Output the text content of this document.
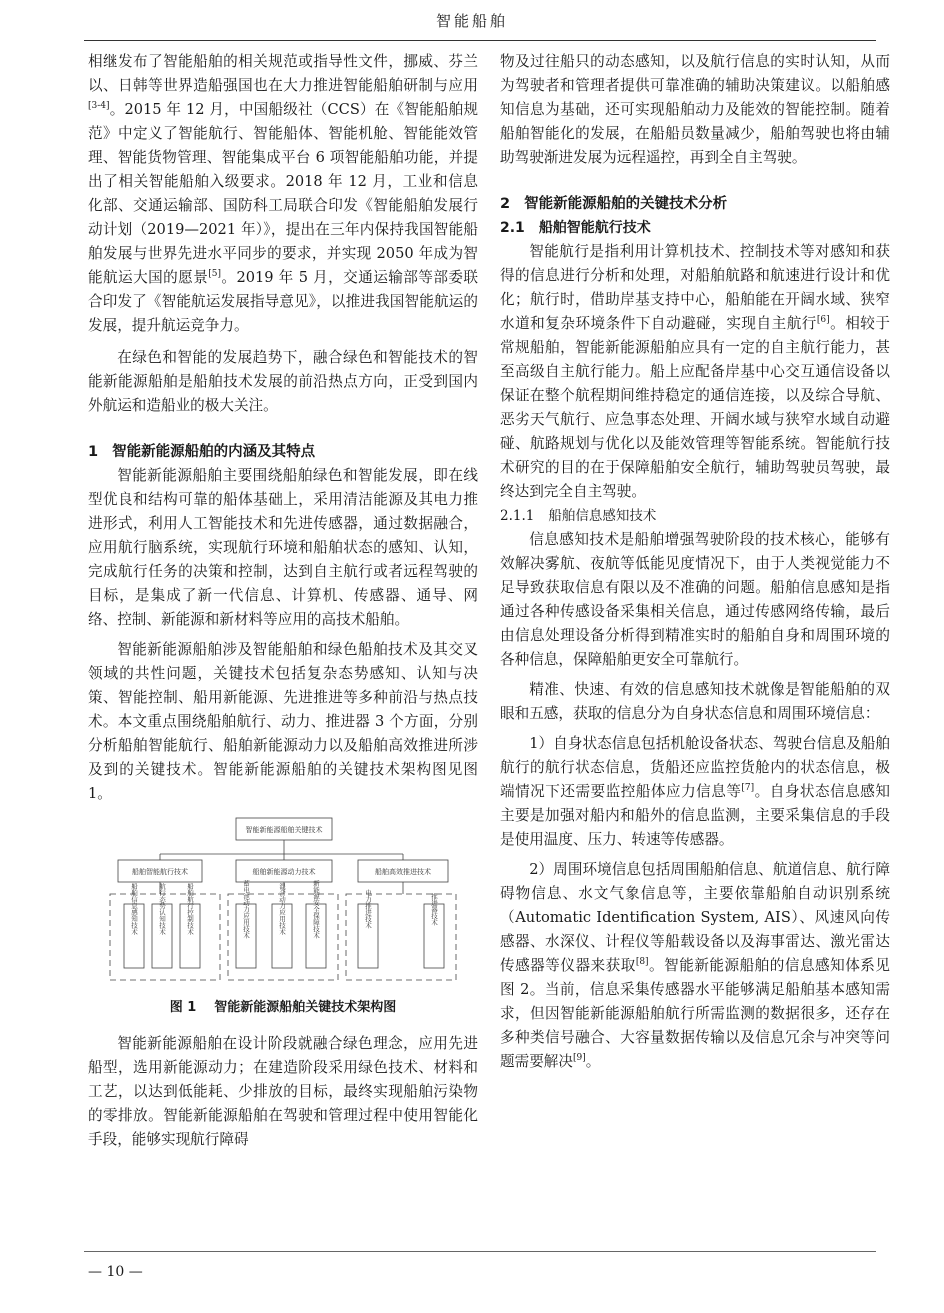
智能船舶

相继发布了智能船舶的相关规范或指导性文件，挪威、芬兰以、日韩等世界造船强国也在大力推进智能船舶研制与应用[3-4]。2015 年 12 月，中国船级社（CCS）在《智能船舶规范》中定义了智能航行、智能船体、智能机舱、智能能效管理、智能货物管理、智能集成平台 6 项智能船舶功能，并提出了相关智能船舶入级要求。2018 年 12 月，工业和信息化部、交通运输部、国防科工局联合印发《智能船舶发展行动计划（2019—2021 年）》，提出在三年内保持我国智能船舶发展与世界先进水平同步的要求，并实现 2050 年成为智能航运大国的愿景[5]。2019 年 5 月，交通运输部等部委联合印发了《智能航运发展指导意见》，以推进我国智能航运的发展，提升航运竞争力。

在绿色和智能的发展趋势下，融合绿色和智能技术的智能新能源船舶是船舶技术发展的前沿热点方向，正受到国内外航运和造船业的极大关注。

1 智能新能源船舶的内涵及其特点

智能新能源船舶主要围绕船舶绿色和智能发展，即在线型优良和结构可靠的船体基础上，采用清洁能源及其电力推进形式，利用人工智能技术和先进传感器，通过数据融合，应用航行脑系统，实现航行环境和船舶状态的感知、认知，完成航行任务的决策和控制，达到自主航行或者远程驾驶的目标，是集成了新一代信息、计算机、传感器、通导、网络、控制、新能源和新材料等应用的高技术船舶。

智能新能源船舶涉及智能船舶和绿色船舶技术及其交叉领域的共性问题，关键技术包括复杂态势感知、认知与决策、智能控制、船用新能源、先进推进等多种前沿与热点技术。本文重点围绕船舶航行、动力、推进器 3 个方面，分别分析船舶智能航行、船舶新能源动力以及船舶高效推进所涉及到的关键技术。智能新能源船舶的关键技术架构图见图 1。

智能新能源船舶关键技术
船舶智能航行技术	船舶新能源动力技术	船舶高效推进技术
船舶信息感知技术	航行态势认知技术	船舶航行控制技术	蓄电池动力应用技术	混合动力应用技术	新能源安全保障技术	电力推进技术	推进器技术
图 1 智能新能源船舶关键技术架构图

智能新能源船舶在设计阶段就融合绿色理念，应用先进船型，选用新能源动力；在建造阶段采用绿色技术、材料和工艺，以达到低能耗、少排放的目标，最终实现船舶污染物的零排放。智能新能源船舶在驾驶和管理过程中使用智能化手段，能够实现航行障碍

物及过往船只的动态感知，以及航行信息的实时认知，从而为驾驶者和管理者提供可靠准确的辅助决策建议。以船舶感知信息为基础，还可实现船舶动力及能效的智能控制。随着船舶智能化的发展，在船船员数量减少，船舶驾驶也将由辅助驾驶渐进发展为远程遥控，再到全自主驾驶。

2 智能新能源船舶的关键技术分析
2.1 船舶智能航行技术

智能航行是指利用计算机技术、控制技术等对感知和获得的信息进行分析和处理，对船舶航路和航速进行设计和优化；航行时，借助岸基支持中心，船舶能在开阔水域、狭窄水道和复杂环境条件下自动避碰，实现自主航行[6]。相较于常规船舶，智能新能源船舶应具有一定的自主航行能力，甚至高级自主航行能力。船上应配备岸基中心交互通信设备以保证在整个航程期间维持稳定的通信连接，以及综合导航、恶劣天气航行、应急事态处理、开阔水域与狭窄水域自动避碰、航路规划与优化以及能效管理等智能系统。智能航行技术研究的目的在于保障船舶安全航行，辅助驾驶员驾驶，最终达到完全自主驾驶。

2.1.1 船舶信息感知技术

信息感知技术是船舶增强驾驶阶段的技术核心，能够有效解决雾航、夜航等低能见度情况下，由于人类视觉能力不足导致获取信息有限以及不准确的问题。船舶信息感知是指通过各种传感设备采集相关信息，通过传感网络传输，最后由信息处理设备分析得到精准实时的船舶自身和周围环境的各种信息，保障船舶更安全可靠航行。

精准、快速、有效的信息感知技术就像是智能船舶的双眼和五感，获取的信息分为自身状态信息和周围环境信息：

1）自身状态信息包括机舱设备状态、驾驶台信息及船舶航行的航行状态信息，货船还应监控货舱内的状态信息，极端情况下还需要监控船体应力信息等[7]。自身状态信息感知主要是加强对船内和船外的信息监测，主要采集信息的手段是使用温度、压力、转速等传感器。

2）周围环境信息包括周围船舶信息、航道信息、航行障碍物信息、水文气象信息等，主要依靠船舶自动识别系统（Automatic Identification System, AIS）、风速风向传感器、水深仪、计程仪等船载设备以及海事雷达、激光雷达传感器等仪器来获取[8]。智能新能源船舶的信息感知体系见图 2。当前，信息采集传感器水平能够满足船舶基本感知需求，但因智能新能源船舶航行所需监测的数据很多，还存在多种类信号融合、大容量数据传输以及信息冗余与冲突等问题需要解决[9]。

— 10 —
